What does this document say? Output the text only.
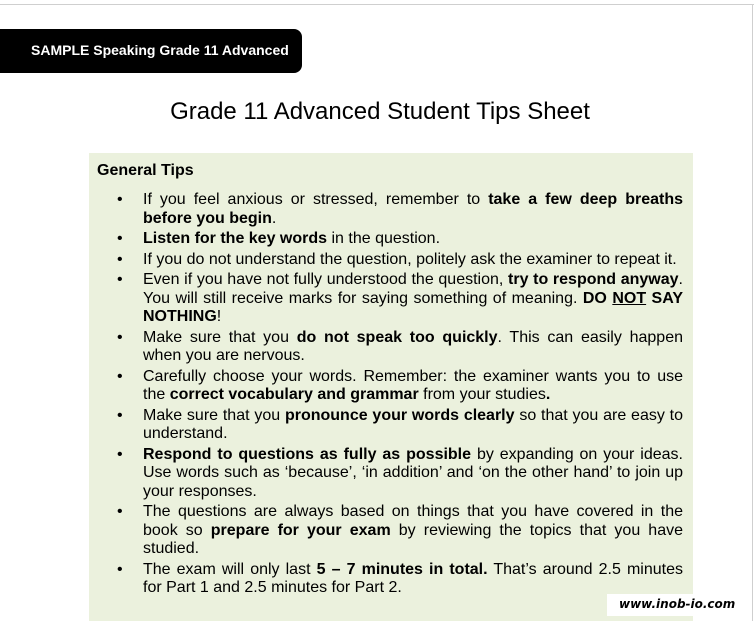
SAMPLE Speaking Grade 11 Advanced
Grade 11 Advanced Student Tips Sheet
General Tips
• If you feel anxious or stressed, remember to take a few deep breaths before you begin.
• Listen for the key words in the question.
• If you do not understand the question, politely ask the examiner to repeat it.
• Even if you have not fully understood the question, try to respond anyway. You will still receive marks for saying something of meaning. DO NOT SAY NOTHING!
• Make sure that you do not speak too quickly. This can easily happen when you are nervous.
• Carefully choose your words. Remember: the examiner wants you to use the correct vocabulary and grammar from your studies.
• Make sure that you pronounce your words clearly so that you are easy to understand.
• Respond to questions as fully as possible by expanding on your ideas. Use words such as ‘because’, ‘in addition’ and ‘on the other hand’ to join up your responses.
• The questions are always based on things that you have covered in the book so prepare for your exam by reviewing the topics that you have studied.
• The exam will only last 5 – 7 minutes in total. That’s around 2.5 minutes for Part 1 and 2.5 minutes for Part 2.
www.inob-io.com
